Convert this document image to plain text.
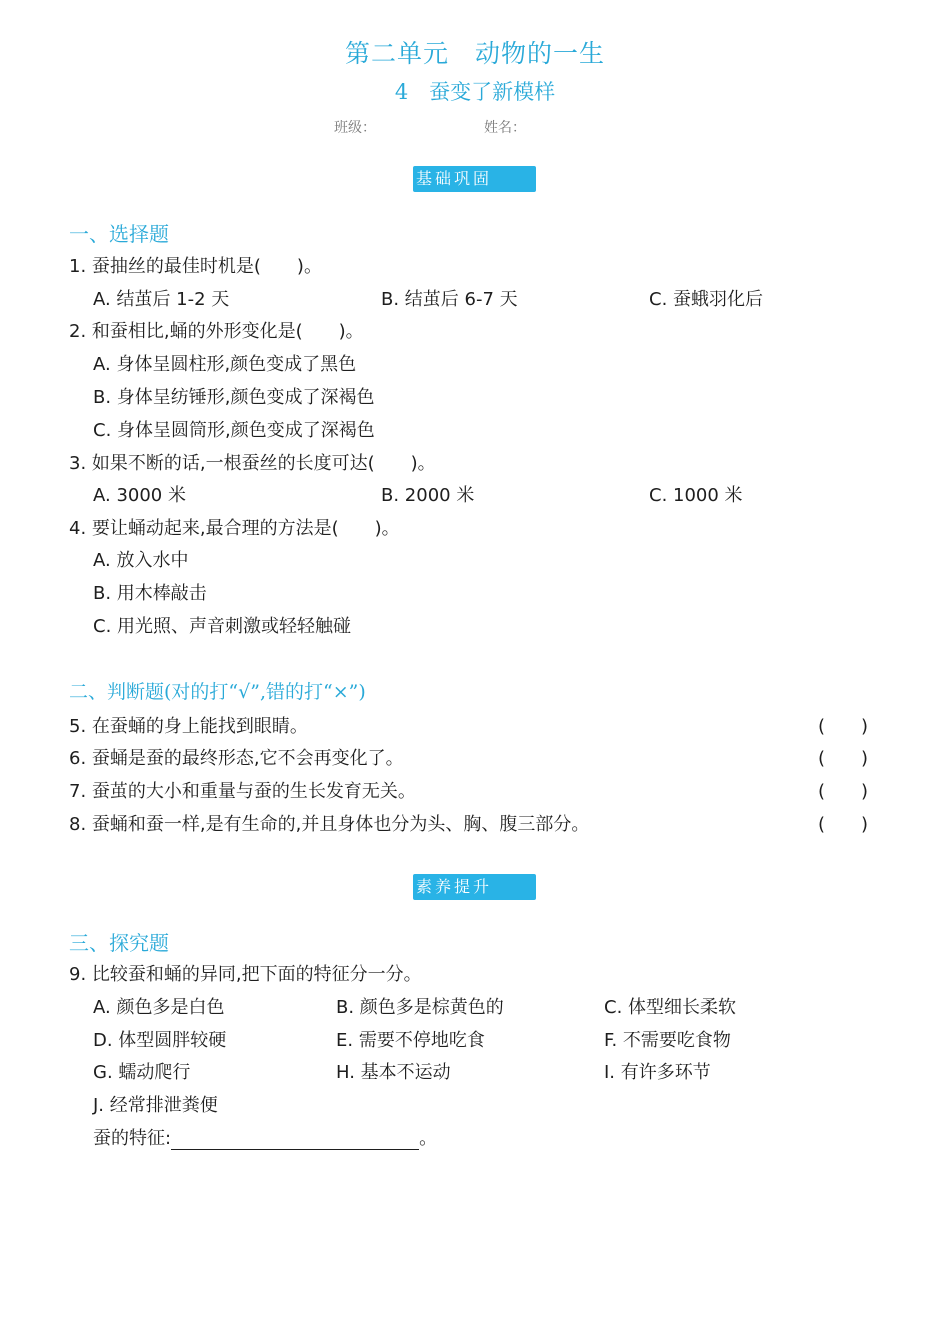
第二单元　动物的一生
4　蚕变了新模样
班级：	姓名：
基础巩固
一、选择题
1. 蚕抽丝的最佳时机是(　　)。
A. 结茧后 1-2 天	B. 结茧后 6-7 天	C. 蚕蛾羽化后
2. 和蚕相比,蛹的外形变化是(　　)。
A. 身体呈圆柱形,颜色变成了黑色
B. 身体呈纺锤形,颜色变成了深褐色
C. 身体呈圆筒形,颜色变成了深褐色
3. 如果不断的话,一根蚕丝的长度可达(　　)。
A. 3000 米	B. 2000 米	C. 1000 米
4. 要让蛹动起来,最合理的方法是(　　)。
A. 放入水中
B. 用木棒敲击
C. 用光照、声音刺激或轻轻触碰
二、判断题(对的打“√”,错的打“×”)
5. 在蚕蛹的身上能找到眼睛。	(　　)
6. 蚕蛹是蚕的最终形态,它不会再变化了。	(　　)
7. 蚕茧的大小和重量与蚕的生长发育无关。	(　　)
8. 蚕蛹和蚕一样,是有生命的,并且身体也分为头、胸、腹三部分。	(　　)
素养提升
三、探究题
9. 比较蚕和蛹的异同,把下面的特征分一分。
A. 颜色多是白色	B. 颜色多是棕黄色的	C. 体型细长柔软
D. 体型圆胖较硬	E. 需要不停地吃食	F. 不需要吃食物
G. 蠕动爬行	H. 基本不运动	I. 有许多环节
J. 经常排泄粪便
蚕的特征:	。
